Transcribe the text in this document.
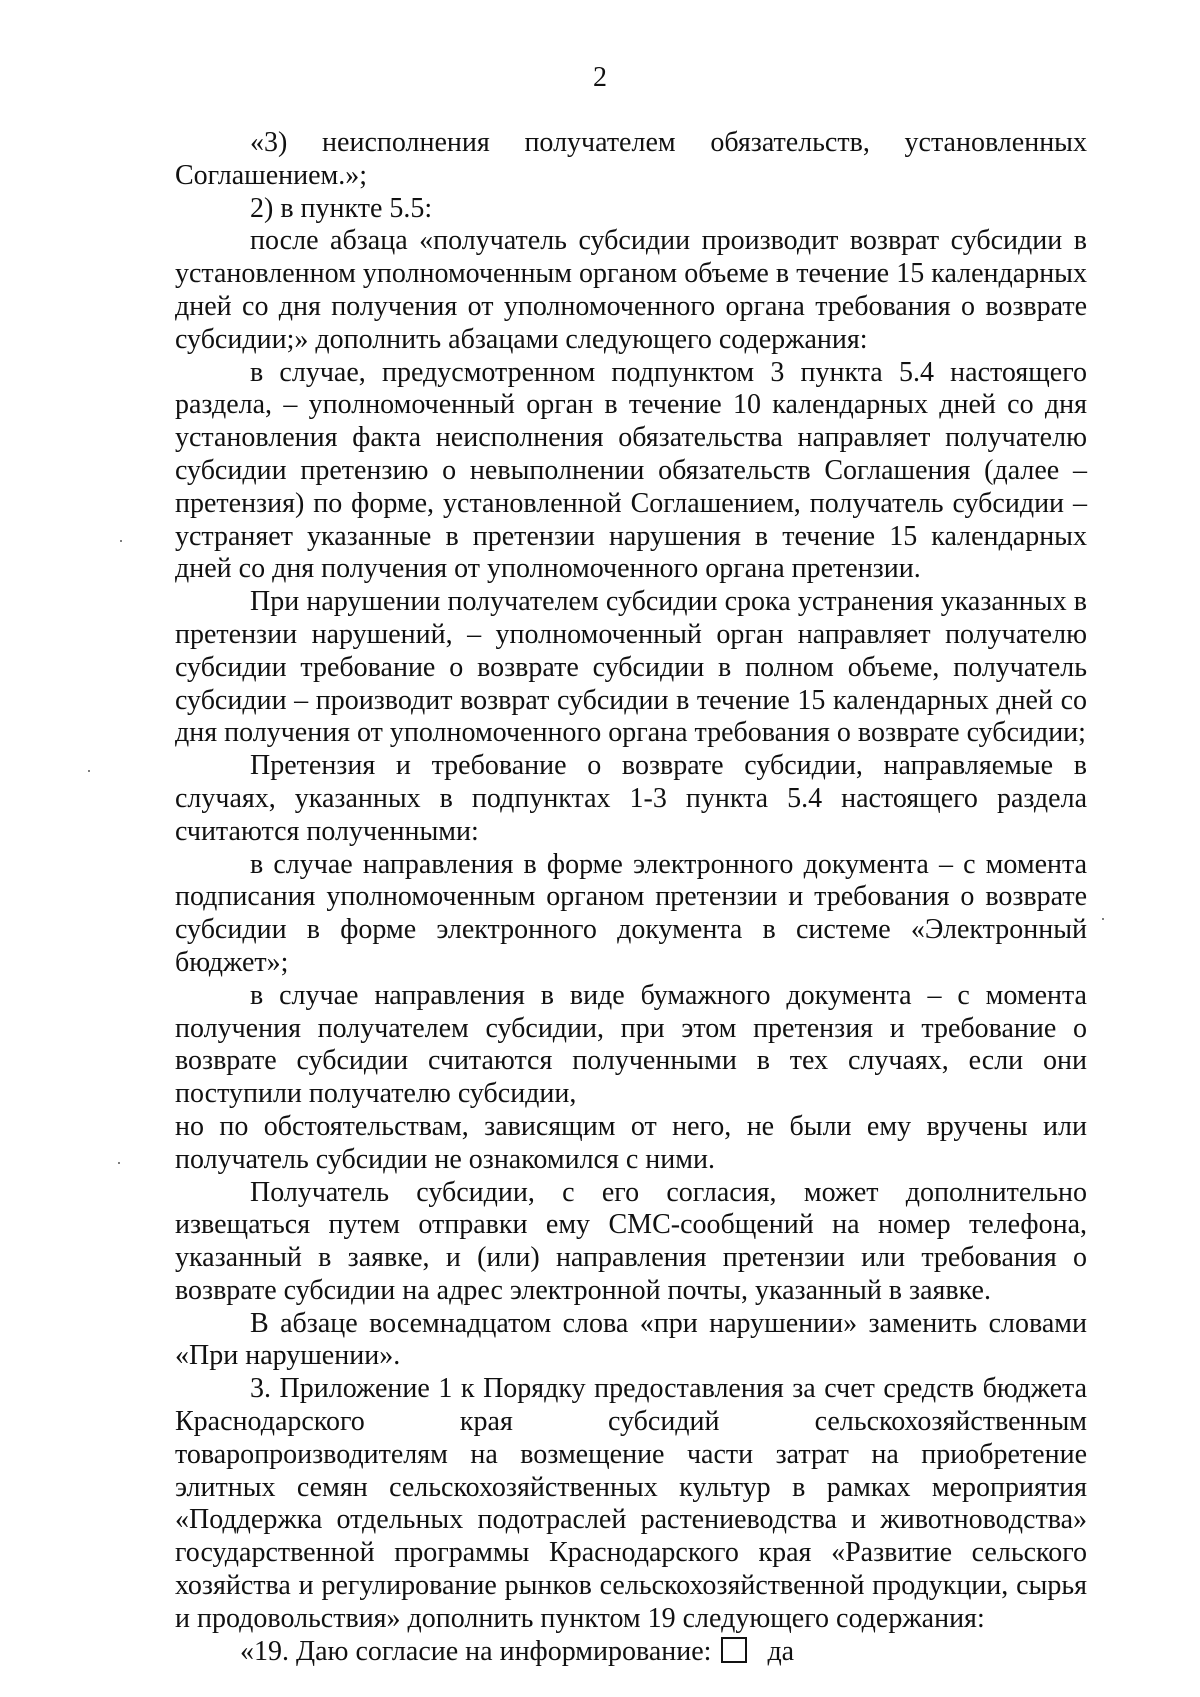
2

«3) неисполнения получателем обязательств, установленных Соглашением.»;

2) в пункте 5.5:

после абзаца «получатель субсидии производит возврат субсидии в установленном уполномоченным органом объеме в течение 15 календарных дней со дня получения от уполномоченного органа требования о возврате субсидии;» дополнить абзацами следующего содержания:

в случае, предусмотренном подпунктом 3 пункта 5.4 настоящего раздела, – уполномоченный орган в течение 10 календарных дней со дня установления факта неисполнения обязательства направляет получателю субсидии претензию о невыполнении обязательств Соглашения (далее – претензия) по форме, установленной Соглашением, получатель субсидии – устраняет указанные в претензии нарушения в течение 15 календарных дней со дня получения от уполномоченного органа претензии.

При нарушении получателем субсидии срока устранения указанных в претензии нарушений, – уполномоченный орган направляет получателю субсидии требование о возврате субсидии в полном объеме, получатель субсидии – производит возврат субсидии в течение 15 календарных дней со дня получения от уполномоченного органа требования о возврате субсидии;

Претензия и требование о возврате субсидии, направляемые в случаях, указанных в подпунктах 1-3 пункта 5.4 настоящего раздела считаются полученными:

в случае направления в форме электронного документа – с момента подписания уполномоченным органом претензии и требования о возврате субсидии в форме электронного документа в системе «Электронный бюджет»;

в случае направления в виде бумажного документа – с момента получения получателем субсидии, при этом претензия и требование о возврате субсидии считаются полученными в тех случаях, если они поступили получателю субсидии,

но по обстоятельствам, зависящим от него, не были ему вручены или получатель субсидии не ознакомился с ними.

Получатель субсидии, с его согласия, может дополнительно извещаться путем отправки ему СМС-сообщений на номер телефона, указанный в заявке, и (или) направления претензии или требования о возврате субсидии на адрес электронной почты, указанный в заявке.

В абзаце восемнадцатом слова «при нарушении» заменить словами «При нарушении».

3. Приложение 1 к Порядку предоставления за счет средств бюджета Краснодарского края субсидий сельскохозяйственным товаропроизводителям на возмещение части затрат на приобретение элитных семян сельскохозяйственных культур в рамках мероприятия «Поддержка отдельных подотраслей растениеводства и животноводства» государственной программы Краснодарского края «Развитие сельского хозяйства и регулирование рынков сельскохозяйственной продукции, сырья и продовольствия» дополнить пунктом 19 следующего содержания:

«19. Даю согласие на информирование: да
